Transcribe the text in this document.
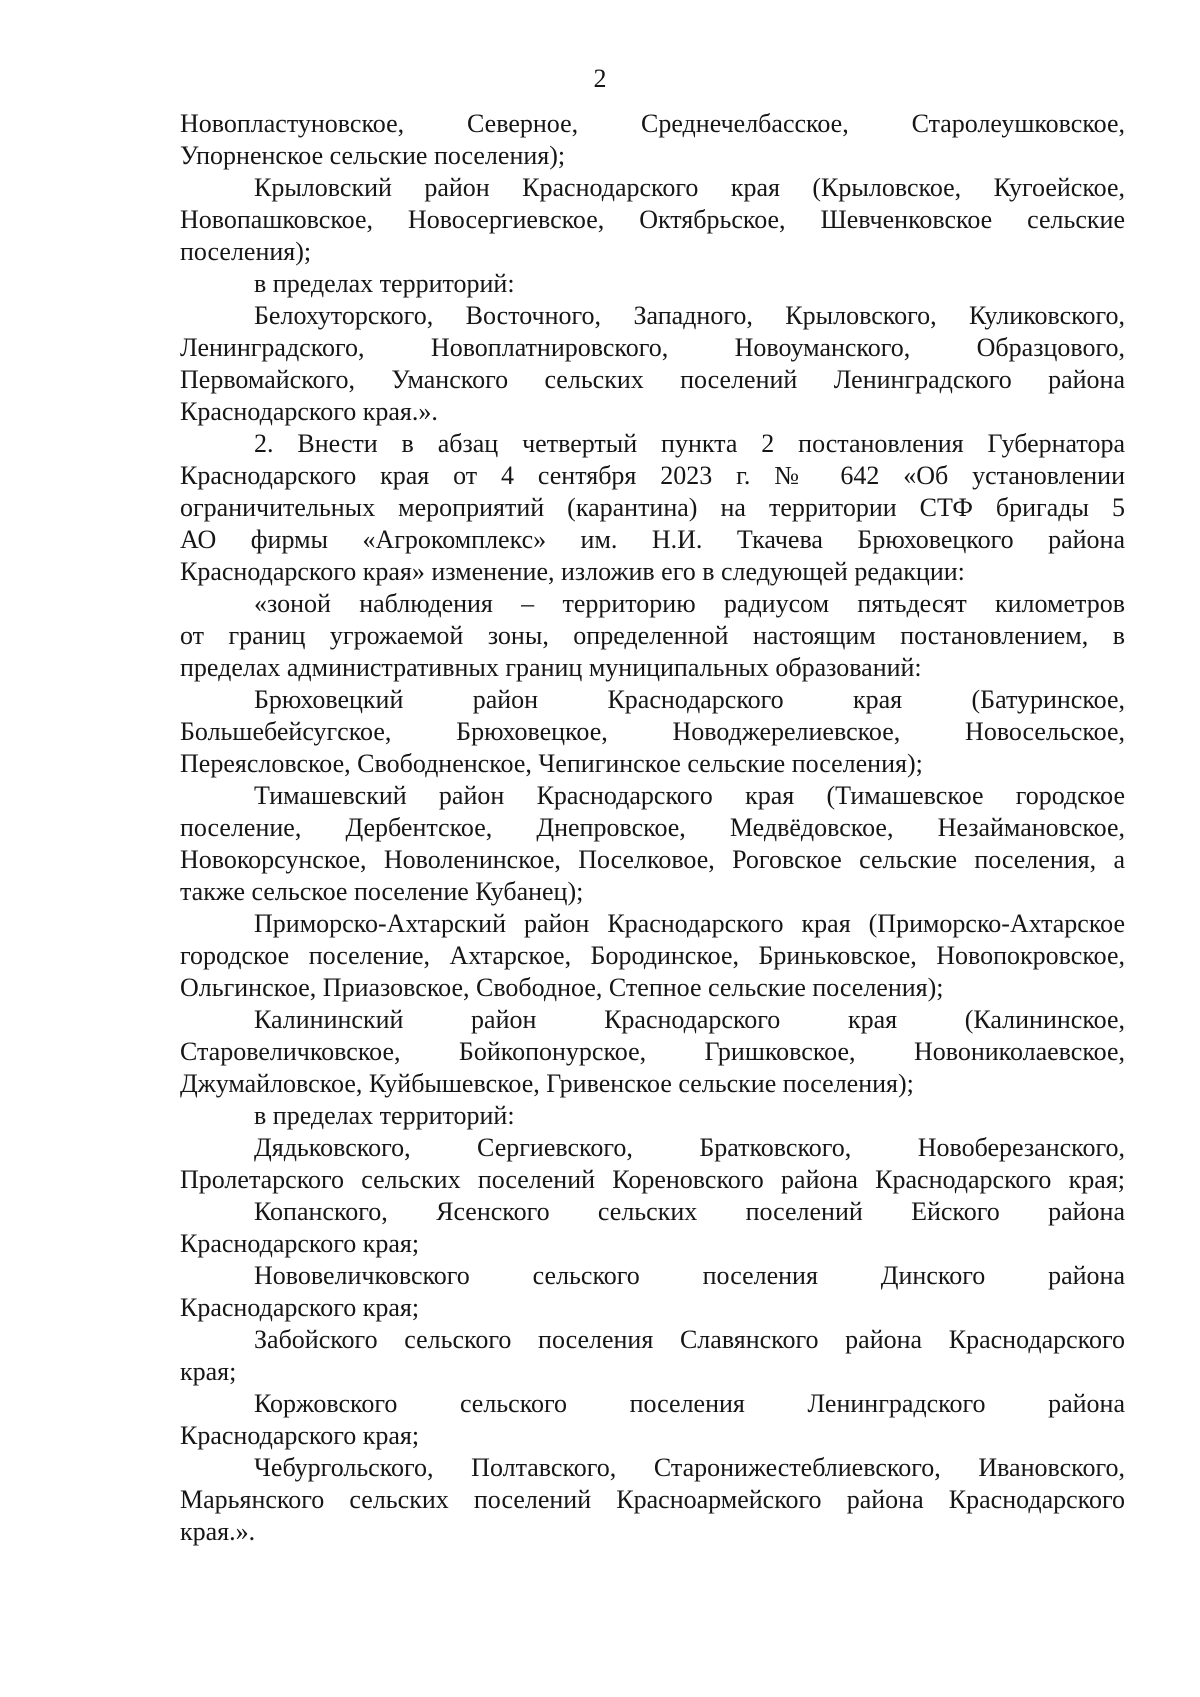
2
Новопластуновское, Северное, Среднечелбасское, Старолеушковское,
Упорненское сельские поселения);
Крыловский район Краснодарского края (Крыловское, Кугоейское,
Новопашковское, Новосергиевское, Октябрьское, Шевченковское сельские
поселения);
в пределах территорий:
Белохуторского, Восточного, Западного, Крыловского, Куликовского,
Ленинградского, Новоплатнировского, Новоуманского, Образцового,
Первомайского, Уманского сельских поселений Ленинградского района
Краснодарского края.».
2. Внести в абзац четвертый пункта 2 постановления Губернатора
Краснодарского края от 4 сентября 2023 г. № 642 «Об установлении
ограничительных мероприятий (карантина) на территории СТФ бригады 5
АО фирмы «Агрокомплекс» им. Н.И. Ткачева Брюховецкого района
Краснодарского края» изменение, изложив его в следующей редакции:
«зоной наблюдения – территорию радиусом пятьдесят километров
от границ угрожаемой зоны, определенной настоящим постановлением, в
пределах административных границ муниципальных образований:
Брюховецкий район Краснодарского края (Батуринское,
Большебейсугское, Брюховецкое, Новоджерелиевское, Новосельское,
Переясловское, Свободненское, Чепигинское сельские поселения);
Тимашевский район Краснодарского края (Тимашевское городское
поселение, Дербентское, Днепровское, Медвёдовское, Незаймановское,
Новокорсунское, Новоленинское, Поселковое, Роговское сельские поселения, а
также сельское поселение Кубанец);
Приморско-Ахтарский район Краснодарского края (Приморско-Ахтарское
городское поселение, Ахтарское, Бородинское, Бриньковское, Новопокровское,
Ольгинское, Приазовское, Свободное, Степное сельские поселения);
Калининский район Краснодарского края (Калининское,
Старовеличковское, Бойкопонурское, Гришковское, Новониколаевское,
Джумайловское, Куйбышевское, Гривенское сельские поселения);
в пределах территорий:
Дядьковского, Сергиевского, Братковского, Новоберезанского,
Пролетарского сельских поселений Кореновского района Краснодарского края;
Копанского, Ясенского сельских поселений Ейского района
Краснодарского края;
Нововеличковского сельского поселения Динского района
Краснодарского края;
Забойского сельского поселения Славянского района Краснодарского
края;
Коржовского сельского поселения Ленинградского района
Краснодарского края;
Чебургольского, Полтавского, Старонижестеблиевского, Ивановского,
Марьянского сельских поселений Красноармейского района Краснодарского
края.».
